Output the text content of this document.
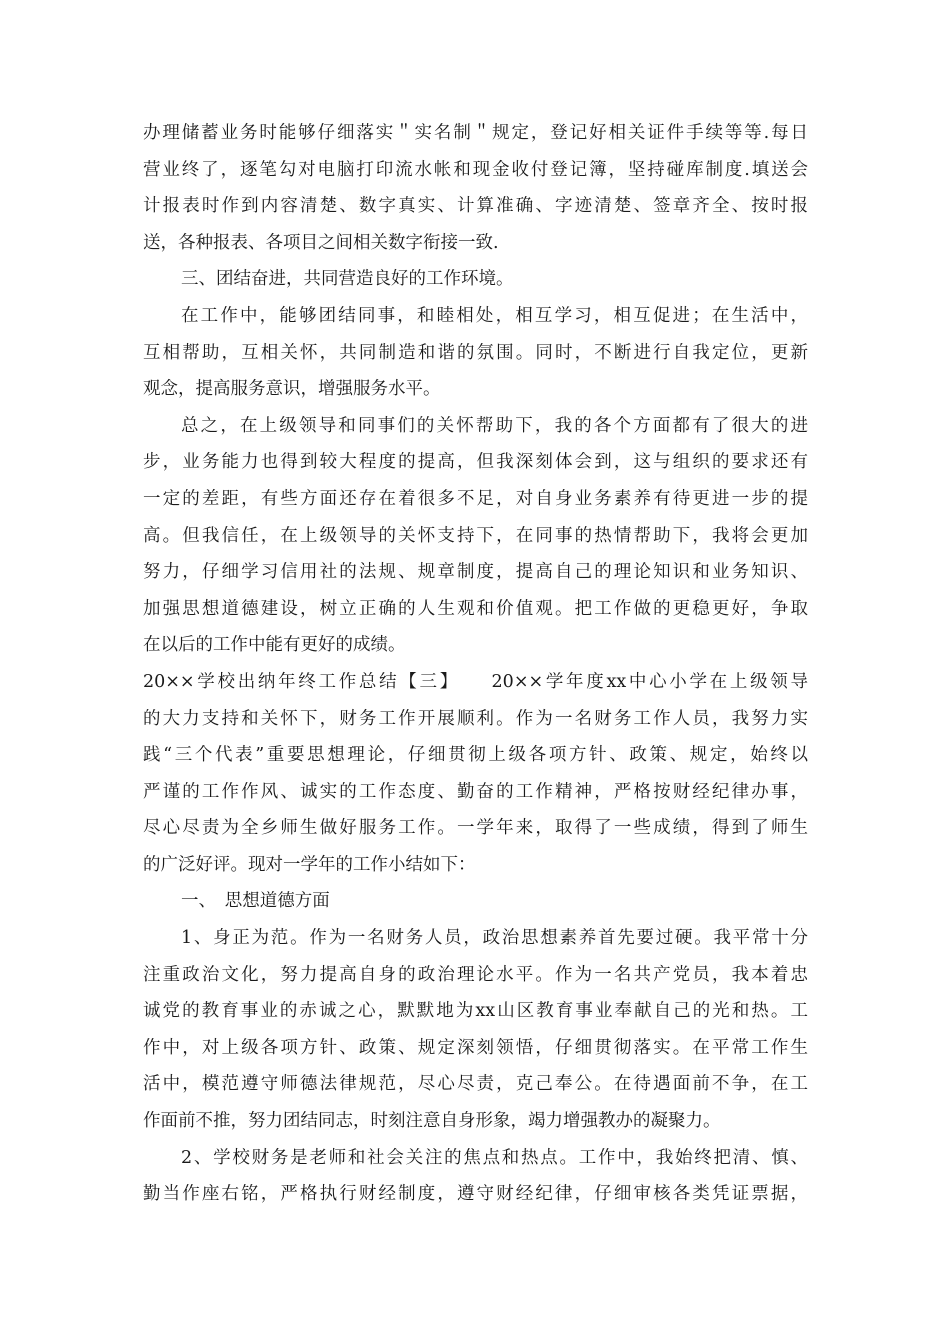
办理储蓄业务时能够仔细落实＂实名制＂规定，登记好相关证件手续等等.每日
营业终了，逐笔勾对电脑打印流水帐和现金收付登记簿，坚持碰库制度.填送会
计报表时作到内容清楚、数字真实、计算准确、字迹清楚、签章齐全、按时报
送，各种报表、各项目之间相关数字衔接一致.
三、团结奋进，共同营造良好的工作环境。
在工作中，能够团结同事，和睦相处，相互学习，相互促进；在生活中，
互相帮助，互相关怀，共同制造和谐的氛围。同时，不断进行自我定位，更新
观念，提高服务意识，增强服务水平。
总之，在上级领导和同事们的关怀帮助下，我的各个方面都有了很大的进
步，业务能力也得到较大程度的提高，但我深刻体会到，这与组织的要求还有
一定的差距，有些方面还存在着很多不足，对自身业务素养有待更进一步的提
高。但我信任，在上级领导的关怀支持下，在同事的热情帮助下，我将会更加
努力，仔细学习信用社的法规、规章制度，提高自己的理论知识和业务知识、
加强思想道德建设，树立正确的人生观和价值观。把工作做的更稳更好，争取
在以后的工作中能有更好的成绩。
20××学校出纳年终工作总结【三】　　20××学年度xx中心小学在上级领导
的大力支持和关怀下，财务工作开展顺利。作为一名财务工作人员，我努力实
践“三个代表”重要思想理论，仔细贯彻上级各项方针、政策、规定，始终以
严谨的工作作风、诚实的工作态度、勤奋的工作精神，严格按财经纪律办事，
尽心尽责为全乡师生做好服务工作。一学年来，取得了一些成绩，得到了师生
的广泛好评。现对一学年的工作小结如下：
一、　思想道德方面
1、身正为范。作为一名财务人员，政治思想素养首先要过硬。我平常十分
注重政治文化，努力提高自身的政治理论水平。作为一名共产党员，我本着忠
诚党的教育事业的赤诚之心，默默地为xx山区教育事业奉献自己的光和热。工
作中，对上级各项方针、政策、规定深刻领悟，仔细贯彻落实。在平常工作生
活中，模范遵守师德法律规范，尽心尽责，克己奉公。在待遇面前不争，在工
作面前不推，努力团结同志，时刻注意自身形象，竭力增强教办的凝聚力。
2、学校财务是老师和社会关注的焦点和热点。工作中，我始终把清、慎、
勤当作座右铭，严格执行财经制度，遵守财经纪律，仔细审核各类凭证票据，
